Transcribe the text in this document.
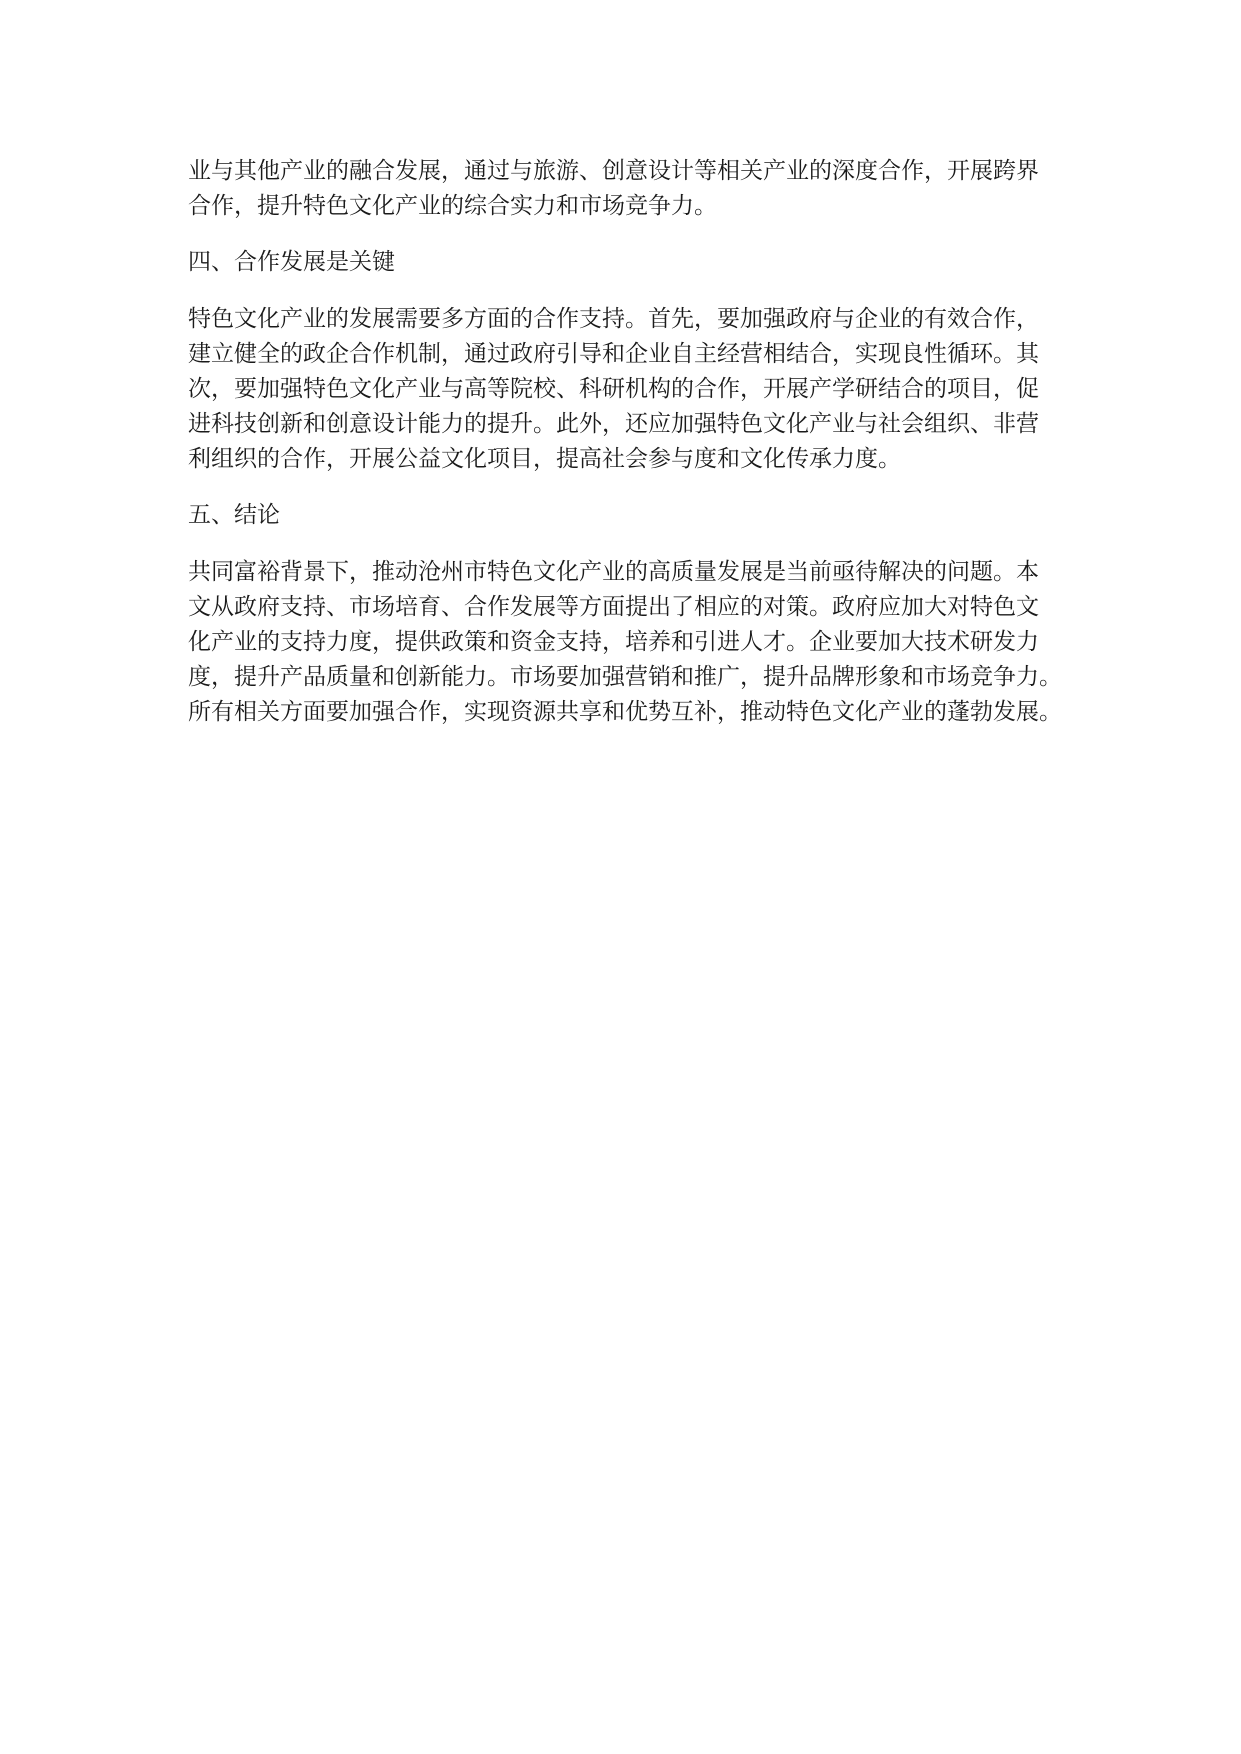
业与其他产业的融合发展，通过与旅游、创意设计等相关产业的深度合作，开展跨界
合作，提升特色文化产业的综合实力和市场竞争力。

四、合作发展是关键

特色文化产业的发展需要多方面的合作支持。首先，要加强政府与企业的有效合作，
建立健全的政企合作机制，通过政府引导和企业自主经营相结合，实现良性循环。其
次，要加强特色文化产业与高等院校、科研机构的合作，开展产学研结合的项目，促
进科技创新和创意设计能力的提升。此外，还应加强特色文化产业与社会组织、非营
利组织的合作，开展公益文化项目，提高社会参与度和文化传承力度。

五、结论

共同富裕背景下，推动沧州市特色文化产业的高质量发展是当前亟待解决的问题。本
文从政府支持、市场培育、合作发展等方面提出了相应的对策。政府应加大对特色文
化产业的支持力度，提供政策和资金支持，培养和引进人才。企业要加大技术研发力
度，提升产品质量和创新能力。市场要加强营销和推广，提升品牌形象和市场竞争力。
所有相关方面要加强合作，实现资源共享和优势互补，推动特色文化产业的蓬勃发展。
